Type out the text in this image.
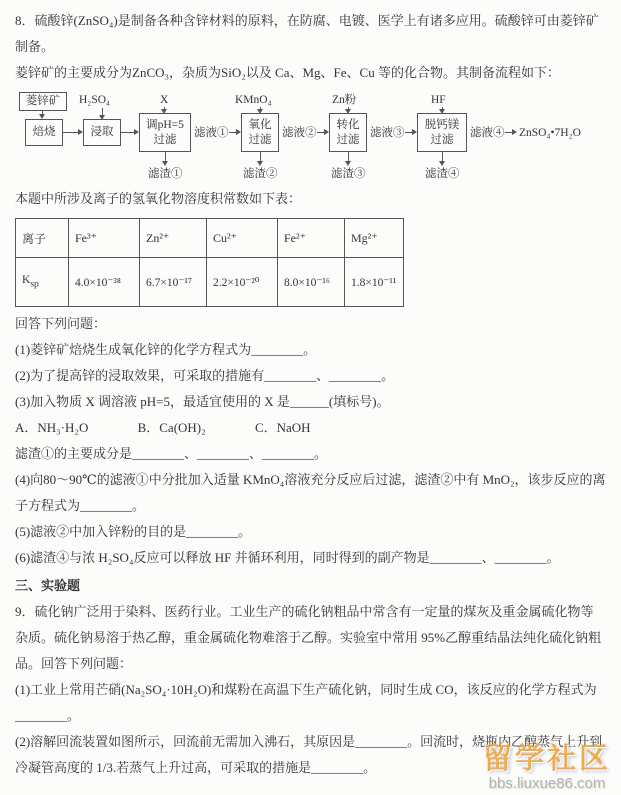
8．硫酸锌(ZnSO₄)是制备各种含锌材料的原料，在防腐、电镀、医学上有诸多应用。硫酸锌可由菱锌矿制备。

菱锌矿的主要成分为ZnCO₃，杂质为SiO₂以及 Ca、Mg、Fe、Cu 等的化合物。其制备流程如下：

菱锌矿
焙烧
H₂SO₄
浸取
X
调pH=5
过滤
滤液①
KMnO₄
氧化
过滤
滤液②
Zn粉
转化
过滤
滤液③
HF
脱钙镁
过滤
滤液④ ZnSO₄•7H₂O
滤渣①	滤渣②	滤渣③	滤渣④

本题中所涉及离子的氢氧化物溶度积常数如下表：

离子	Fe³⁺	Zn²⁺	Cu²⁺	Fe²⁺	Mg²⁺
$K_{sp}$	4.0×10⁻³⁸	6.7×10⁻¹⁷	2.2×10⁻²⁰	8.0×10⁻¹⁶	1.8×10⁻¹¹

回答下列问题：

(1)菱锌矿焙烧生成氧化锌的化学方程式为________。

(2)为了提高锌的浸取效果，可采取的措施有________、________。

(3)加入物质 X 调溶液 pH=5，最适宜使用的 X 是______(填标号)。

A．NH₃·H₂O	B．Ca(OH)₂	C．NaOH

滤渣①的主要成分是________、________、________。

(4)向80～90℃的滤液①中分批加入适量 KMnO₄溶液充分反应后过滤，滤渣②中有 MnO₂，该步反应的离子方程式为________。

(5)滤液②中加入锌粉的目的是________。

(6)滤渣④与浓 H₂SO₄反应可以释放 HF 并循环利用，同时得到的副产物是________、________。

三、实验题

9．硫化钠广泛用于染料、医药行业。工业生产的硫化钠粗品中常含有一定量的煤灰及重金属硫化物等杂质。硫化钠易溶于热乙醇，重金属硫化物难溶于乙醇。实验室中常用 95%乙醇重结晶法纯化硫化钠粗品。回答下列问题：

(1)工业上常用芒硝(Na₂SO₄·10H₂O)和煤粉在高温下生产硫化钠，同时生成 CO，该反应的化学方程式为________。

(2)溶解回流装置如图所示，回流前无需加入沸石，其原因是________。回流时，烧瓶内乙醇蒸气上升到冷凝管高度的 1/3.若蒸气上升过高，可采取的措施是________。	留学社区
bbs.liuxue86.com
